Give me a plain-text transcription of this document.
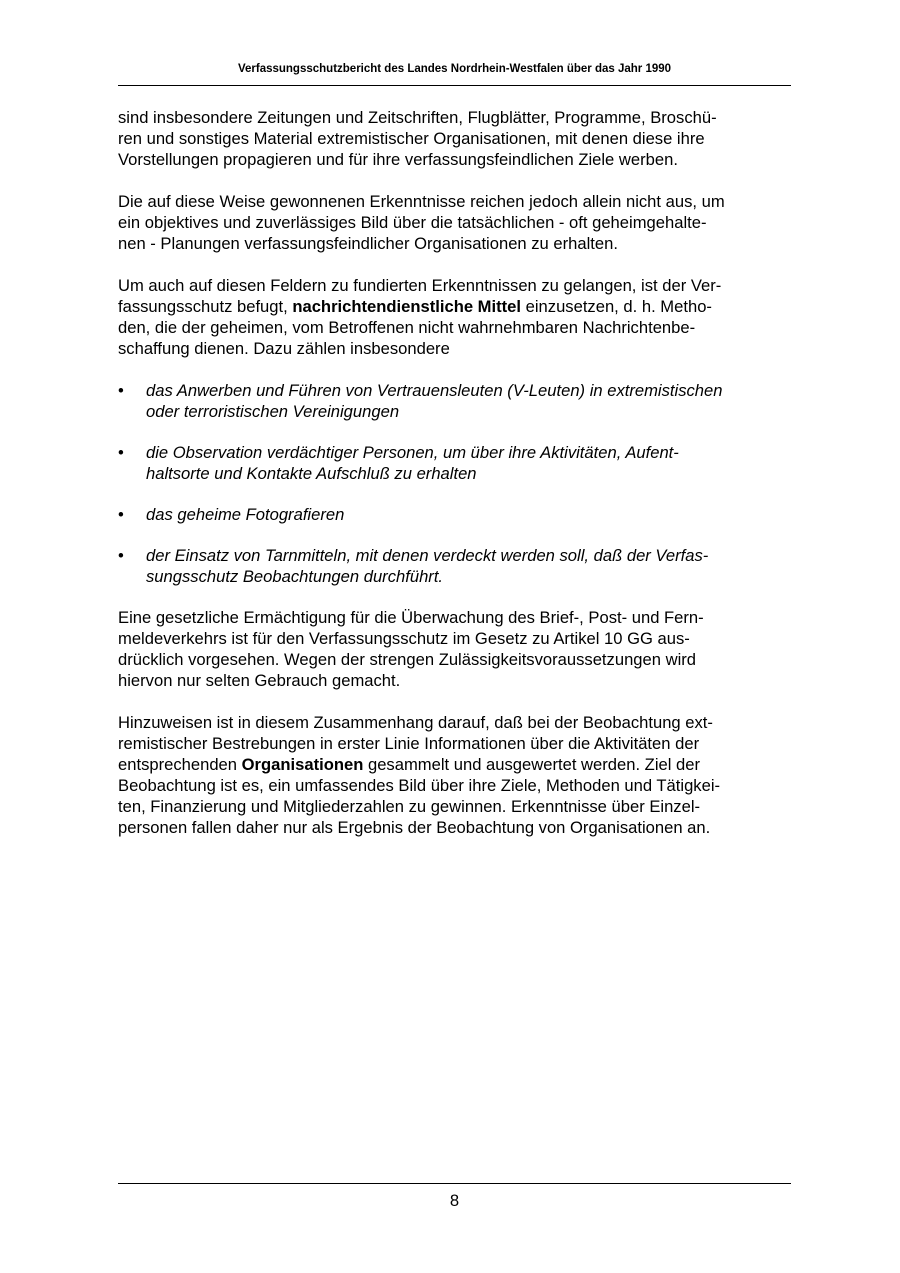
Verfassungsschutzbericht des Landes Nordrhein-Westfalen über das Jahr 1990

sind insbesondere Zeitungen und Zeitschriften, Flugblätter, Programme, Broschü-
ren und sonstiges Material extremistischer Organisationen, mit denen diese ihre
Vorstellungen propagieren und für ihre verfassungsfeindlichen Ziele werben.

Die auf diese Weise gewonnenen Erkenntnisse reichen jedoch allein nicht aus, um
ein objektives und zuverlässiges Bild über die tatsächlichen - oft geheimgehalte-
nen - Planungen verfassungsfeindlicher Organisationen zu erhalten.

Um auch auf diesen Feldern zu fundierten Erkenntnissen zu gelangen, ist der Ver-
fassungsschutz befugt, nachrichtendienstliche Mittel einzusetzen, d. h. Metho-
den, die der geheimen, vom Betroffenen nicht wahrnehmbaren Nachrichtenbe-
schaffung dienen. Dazu zählen insbesondere

• das Anwerben und Führen von Vertrauensleuten (V-Leuten) in extremistischen
oder terroristischen Vereinigungen
• die Observation verdächtiger Personen, um über ihre Aktivitäten, Aufent-
haltsorte und Kontakte Aufschluß zu erhalten
• das geheime Fotografieren
• der Einsatz von Tarnmitteln, mit denen verdeckt werden soll, daß der Verfas-
sungsschutz Beobachtungen durchführt.

Eine gesetzliche Ermächtigung für die Überwachung des Brief-, Post- und Fern-
meldeverkehrs ist für den Verfassungsschutz im Gesetz zu Artikel 10 GG aus-
drücklich vorgesehen. Wegen der strengen Zulässigkeitsvoraussetzungen wird
hiervon nur selten Gebrauch gemacht.

Hinzuweisen ist in diesem Zusammenhang darauf, daß bei der Beobachtung ext-
remistischer Bestrebungen in erster Linie Informationen über die Aktivitäten der
entsprechenden Organisationen gesammelt und ausgewertet werden. Ziel der
Beobachtung ist es, ein umfassendes Bild über ihre Ziele, Methoden und Tätigkei-
ten, Finanzierung und Mitgliederzahlen zu gewinnen. Erkenntnisse über Einzel-
personen fallen daher nur als Ergebnis der Beobachtung von Organisationen an.

8
